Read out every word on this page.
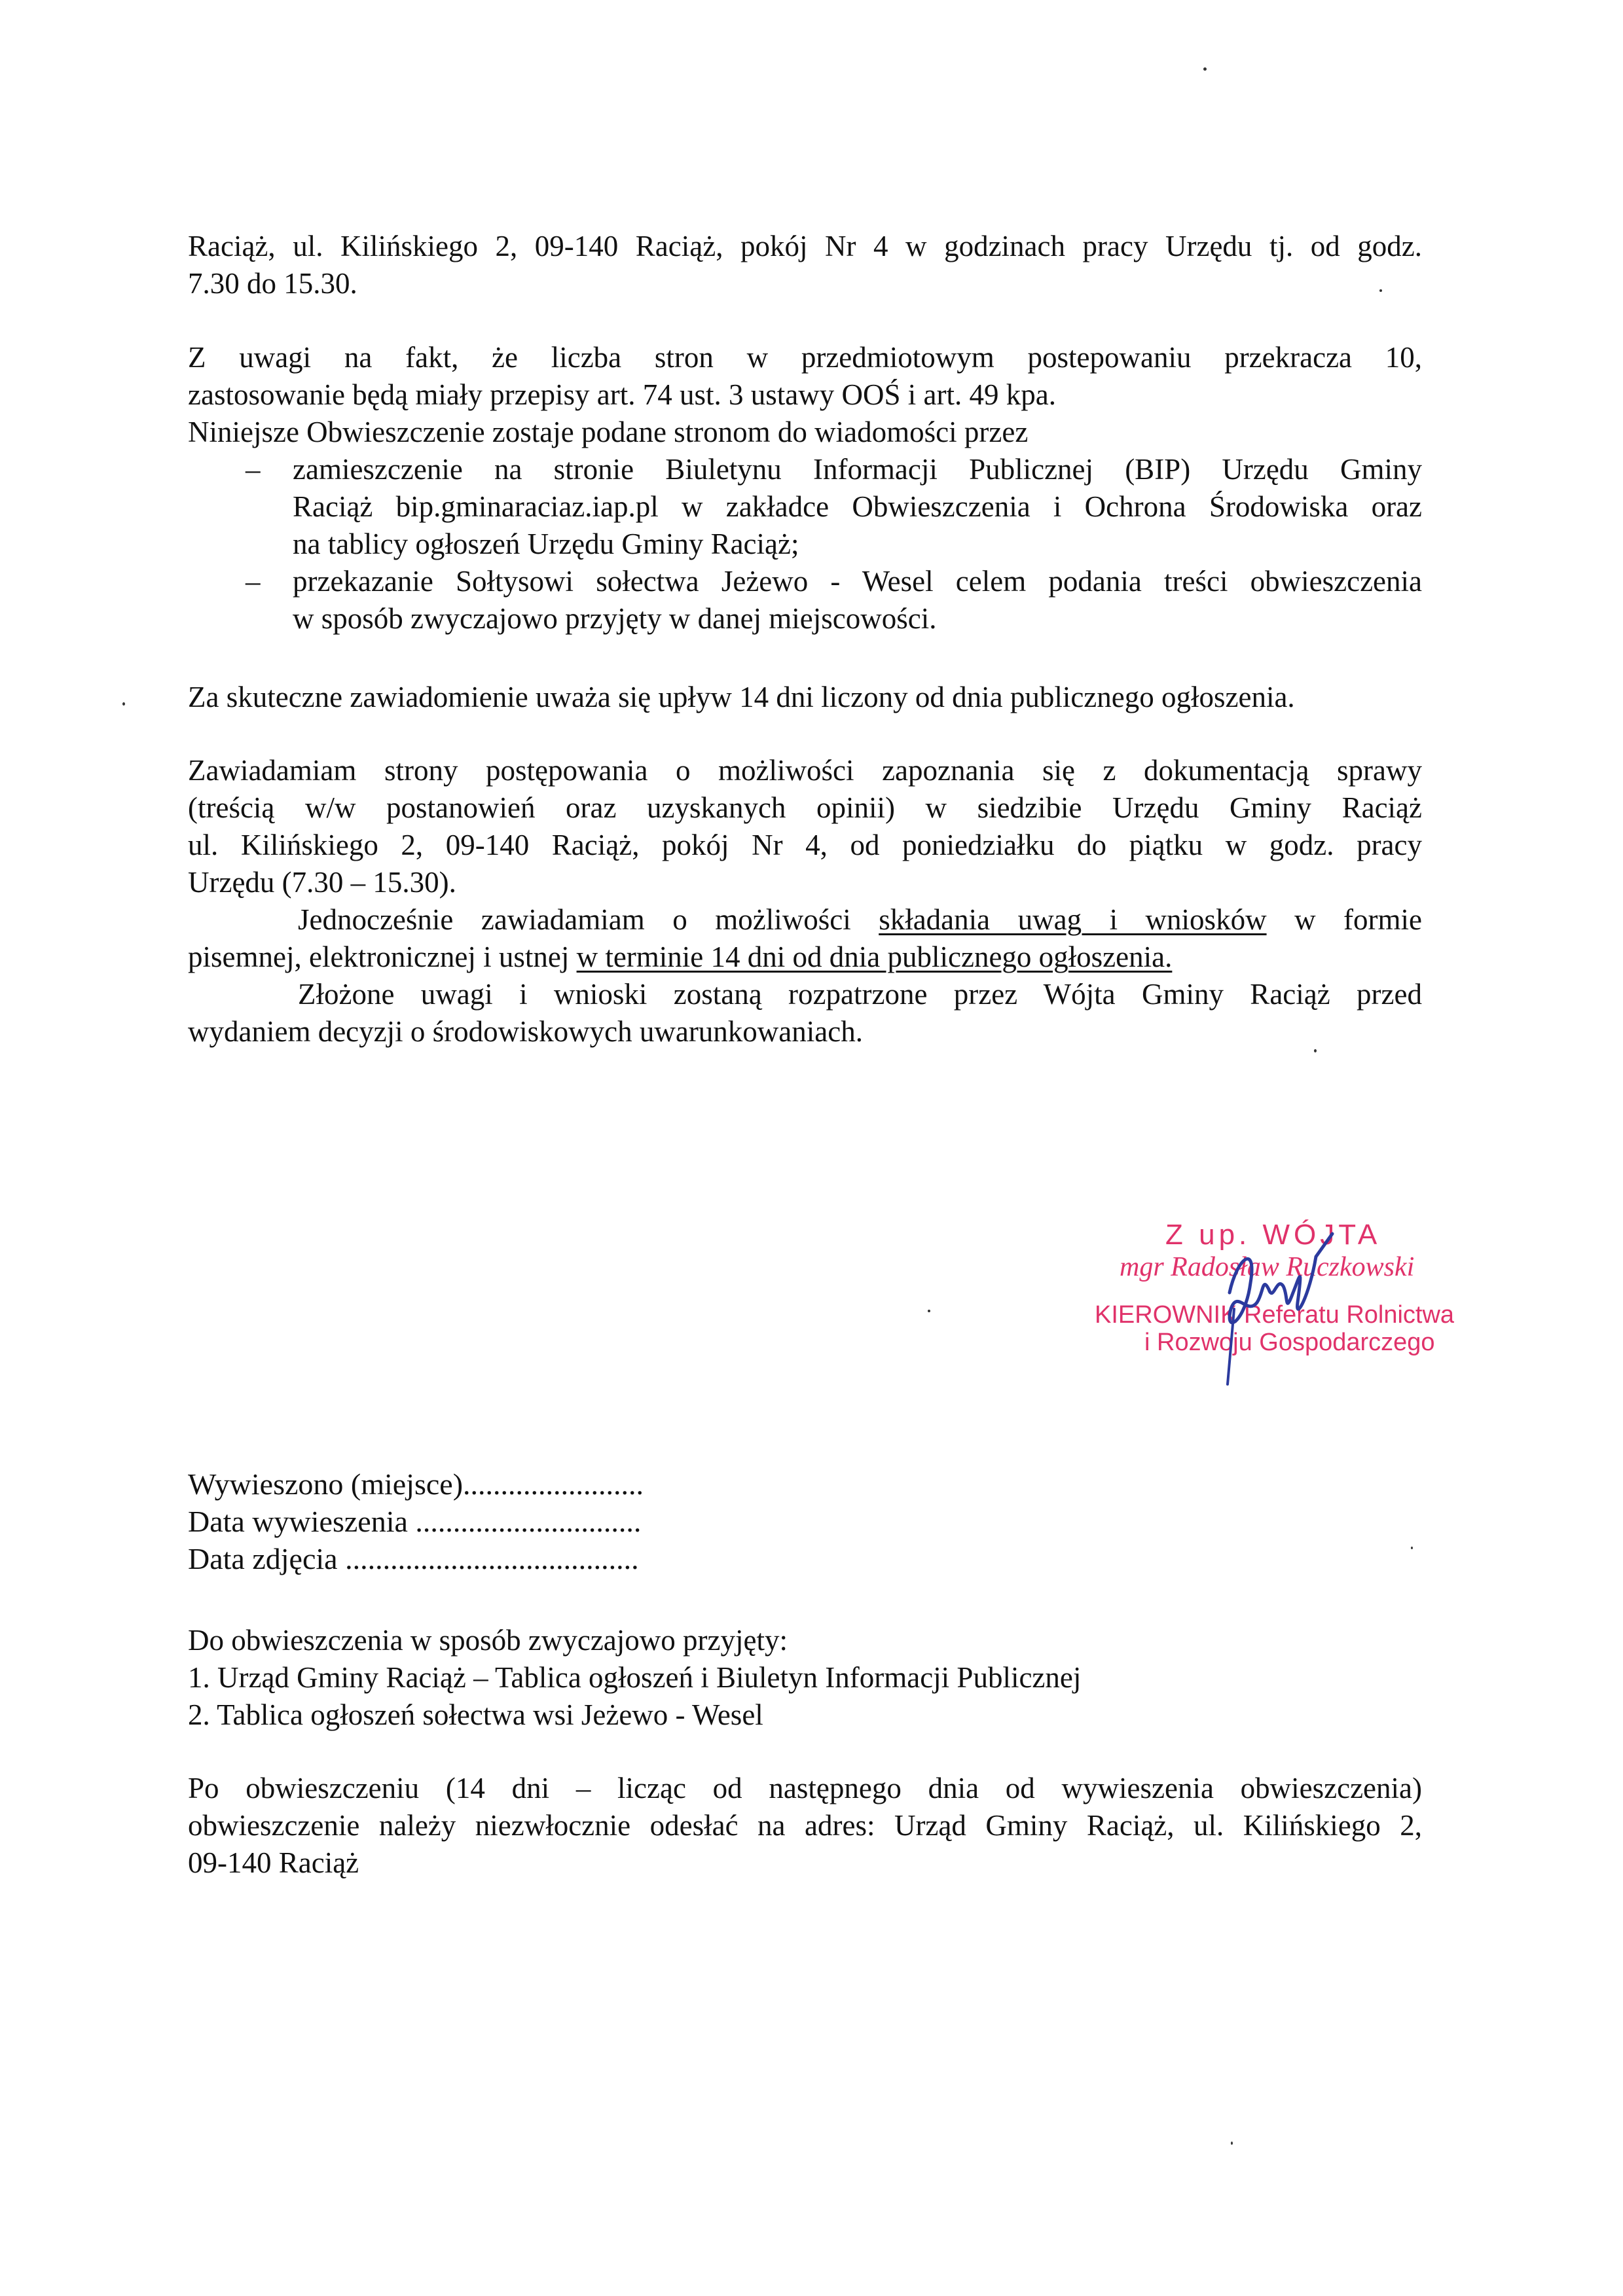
Raciąż, ul. Kilińskiego 2, 09-140 Raciąż, pokój Nr 4 w godzinach pracy Urzędu tj. od godz.
7.30 do 15.30.
Z uwagi na fakt, że liczba stron w przedmiotowym postepowaniu przekracza 10,
zastosowanie będą miały przepisy art. 74 ust. 3 ustawy OOŚ i art. 49 kpa.
Niniejsze Obwieszczenie zostaje podane stronom do wiadomości przez
– zamieszczenie na stronie Biuletynu Informacji Publicznej (BIP) Urzędu Gminy
Raciąż bip.gminaraciaz.iap.pl w zakładce Obwieszczenia i Ochrona Środowiska oraz
na tablicy ogłoszeń Urzędu Gminy Raciąż;
– przekazanie Sołtysowi sołectwa Jeżewo - Wesel celem podania treści obwieszczenia
w sposób zwyczajowo przyjęty w danej miejscowości.
Za skuteczne zawiadomienie uważa się upływ 14 dni liczony od dnia publicznego ogłoszenia.
Zawiadamiam strony postępowania o możliwości zapoznania się z dokumentacją sprawy
(treścią w/w postanowień oraz uzyskanych opinii) w siedzibie Urzędu Gminy Raciąż
ul. Kilińskiego 2, 09-140 Raciąż, pokój Nr 4, od poniedziałku do piątku w godz. pracy
Urzędu (7.30 – 15.30).
Jednocześnie zawiadamiam o możliwości składania uwag i wniosków w formie
pisemnej, elektronicznej i ustnej w terminie 14 dni od dnia publicznego ogłoszenia.
Złożone uwagi i wnioski zostaną rozpatrzone przez Wójta Gminy Raciąż przed
wydaniem decyzji o środowiskowych uwarunkowaniach.
Z up. WÓJTA
mgr Radosław Ruczkowski
KIEROWNIK Referatu Rolnictwa
i Rozwoju Gospodarczego
Wywieszono (miejsce)........................
Data wywieszenia ..............................
Data zdjęcia .......................................
Do obwieszczenia w sposób zwyczajowo przyjęty:
1. Urząd Gminy Raciąż – Tablica ogłoszeń i Biuletyn Informacji Publicznej
2. Tablica ogłoszeń sołectwa wsi Jeżewo - Wesel
Po obwieszczeniu (14 dni – licząc od następnego dnia od wywieszenia obwieszczenia)
obwieszczenie należy niezwłocznie odesłać na adres: Urząd Gminy Raciąż, ul. Kilińskiego 2,
09-140 Raciąż
